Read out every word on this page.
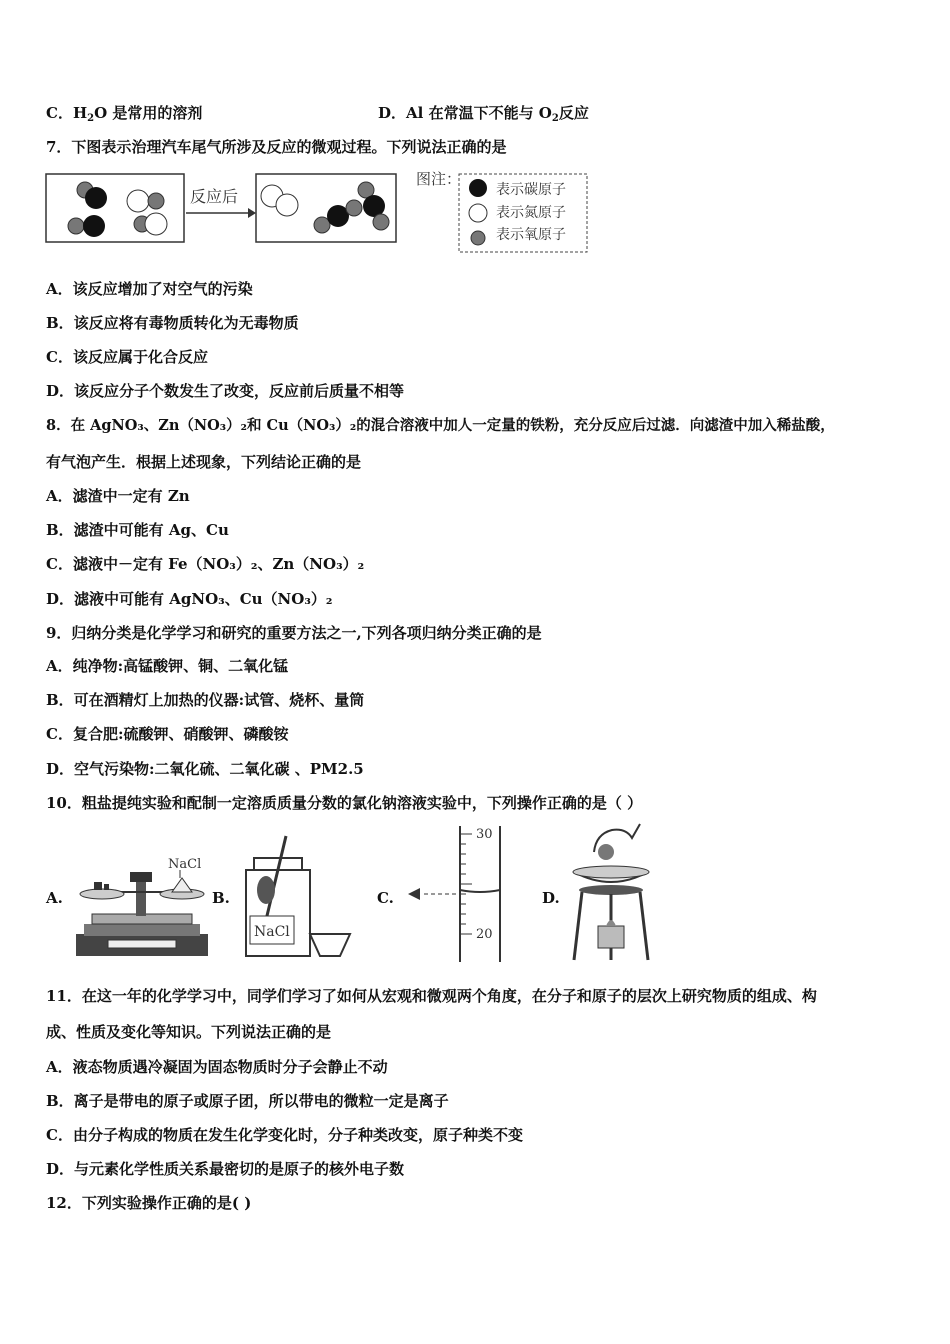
C．$H_2O$ 是常用的溶剂	D．Al 在常温下不能与 $O_2$反应
7．下图表示治理汽车尾气所涉及反应的微观过程。下列说法正确的是
反应后
图注：
表示碳原子
表示氮原子
表示氧原子
A．该反应增加了对空气的污染
B．该反应将有毒物质转化为无毒物质
C．该反应属于化合反应
D．该反应分子个数发生了改变，反应前后质量不相等
8．在 AgNO₃、Zn（NO₃）₂和 Cu（NO₃）₂的混合溶液中加人一定量的铁粉，充分反应后过滤．向滤渣中加入稀盐酸，
有气泡产生．根据上述现象，下列结论正确的是
A．滤渣中一定有 Zn
B．滤渣中可能有 Ag、Cu
C．滤液中－定有 Fe（NO₃）₂、Zn（NO₃）₂
D．滤液中可能有 AgNO₃、Cu（NO₃）₂
9．归纳分类是化学学习和研究的重要方法之一,下列各项归纳分类正确的是
A．纯净物:高锰酸钾、铜、二氧化锰
B．可在酒精灯上加热的仪器:试管、烧杯、量筒
C．复合肥:硫酸钾、硝酸钾、磷酸铵
D．空气污染物:二氧化硫、二氧化碳 、PM2.5
10．粗盐提纯实验和配制一定溶质质量分数的氯化钠溶液实验中，下列操作正确的是（ ）
A.
NaCl
B.
NaCl
C.
30
20
D.
11．在这一年的化学学习中，同学们学习了如何从宏观和微观两个角度，在分子和原子的层次上研究物质的组成、构
成、性质及变化等知识。下列说法正确的是
A．液态物质遇冷凝固为固态物质时分子会静止不动
B．离子是带电的原子或原子团，所以带电的微粒一定是离子
C．由分子构成的物质在发生化学变化时，分子种类改变，原子种类不变
D．与元素化学性质关系最密切的是原子的核外电子数
12．下列实验操作正确的是( )
